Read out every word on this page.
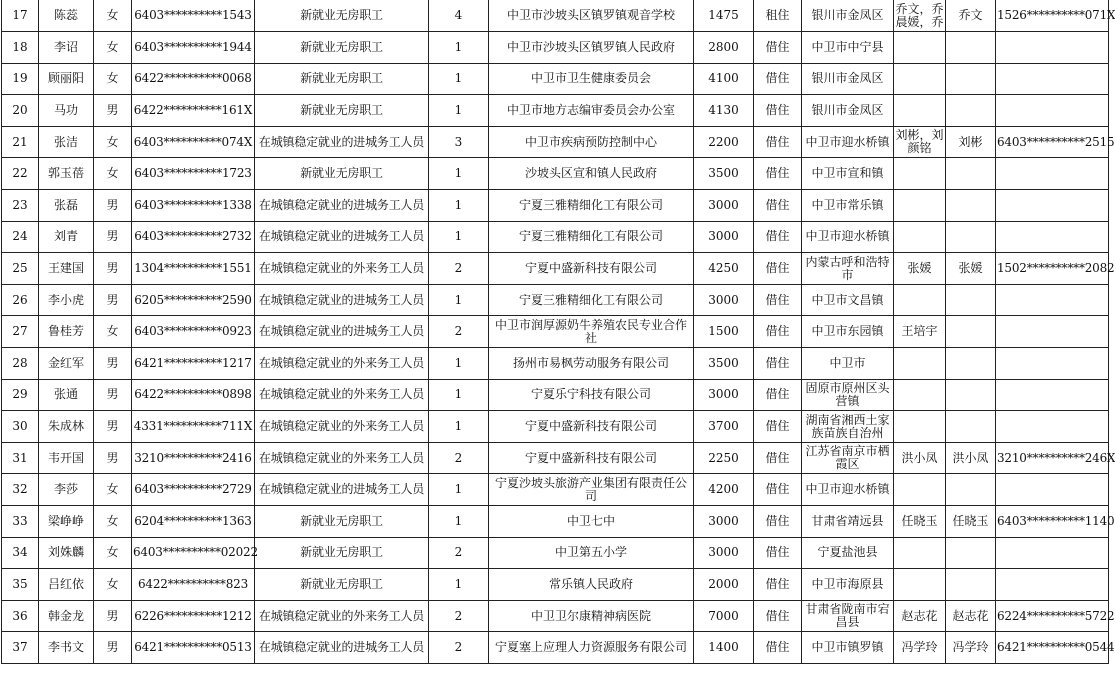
17	陈蕊	女	6403**********1543	新就业无房职工	4	中卫市沙坡头区镇罗镇观音学校	1475	租住	银川市金凤区	乔文，乔晨媛，乔	乔文	1526**********071X
18	李诏	女	6403**********1944	新就业无房职工	1	中卫市沙坡头区镇罗镇人民政府	2800	借住	中卫市中宁县			
19	顾丽阳	女	6422**********0068	新就业无房职工	1	中卫市卫生健康委员会	4100	借住	银川市金凤区			
20	马功	男	6422**********161X	新就业无房职工	1	中卫市地方志编审委员会办公室	4130	借住	银川市金凤区			
21	张洁	女	6403**********074X	在城镇稳定就业的进城务工人员	3	中卫市疾病预防控制中心	2200	借住	中卫市迎水桥镇	刘彬，刘颜铭	刘彬	6403**********2515
22	郭玉蓓	女	6403**********1723	新就业无房职工	1	沙坡头区宣和镇人民政府	3500	借住	中卫市宣和镇			
23	张磊	男	6403**********1338	在城镇稳定就业的进城务工人员	1	宁夏三雅精细化工有限公司	3000	借住	中卫市常乐镇			
24	刘青	男	6403**********2732	在城镇稳定就业的进城务工人员	1	宁夏三雅精细化工有限公司	3000	借住	中卫市迎水桥镇			
25	王建国	男	1304**********1551	在城镇稳定就业的外来务工人员	2	宁夏中盛新科技有限公司	4250	借住	内蒙古呼和浩特市	张媛	张媛	1502**********2082
26	李小虎	男	6205**********2590	在城镇稳定就业的进城务工人员	1	宁夏三雅精细化工有限公司	3000	借住	中卫市文昌镇			
27	鲁桂芳	女	6403**********0923	在城镇稳定就业的进城务工人员	2	中卫市润厚源奶牛养殖农民专业合作社	1500	借住	中卫市东园镇	王培宇		
28	金红军	男	6421**********1217	在城镇稳定就业的外来务工人员	1	扬州市易枫劳动服务有限公司	3500	借住	中卫市			
29	张通	男	6422**********0898	在城镇稳定就业的外来务工人员	1	宁夏乐宁科技有限公司	3000	借住	固原市原州区头营镇			
30	朱成林	男	4331**********711X	在城镇稳定就业的外来务工人员	1	宁夏中盛新科技有限公司	3700	借住	湖南省湘西土家族苗族自治州			
31	韦开国	男	3210**********2416	在城镇稳定就业的外来务工人员	2	宁夏中盛新科技有限公司	2250	借住	江苏省南京市栖霞区	洪小凤	洪小凤	3210**********246X
32	李莎	女	6403**********2729	在城镇稳定就业的进城务工人员	1	宁夏沙坡头旅游产业集团有限责任公司	4200	借住	中卫市迎水桥镇			
33	梁峥峥	女	6204**********1363	新就业无房职工	1	中卫七中	3000	借住	甘肃省靖远县	任晓玉	任晓玉	6403**********1140
34	刘姝麟	女	6403**********02022	新就业无房职工	2	中卫第五小学	3000	借住	宁夏盐池县			
35	吕红依	女	6422**********823	新就业无房职工	1	常乐镇人民政府	2000	借住	中卫市海原县			
36	韩金龙	男	6226**********1212	在城镇稳定就业的外来务工人员	2	中卫卫尔康精神病医院	7000	借住	甘肃省陇南市宕昌县	赵志花	赵志花	6224**********5722
37	李书文	男	6421**********0513	在城镇稳定就业的进城务工人员	2	宁夏塞上应理人力资源服务有限公司	1400	借住	中卫市镇罗镇	冯学玲	冯学玲	6421**********0544
